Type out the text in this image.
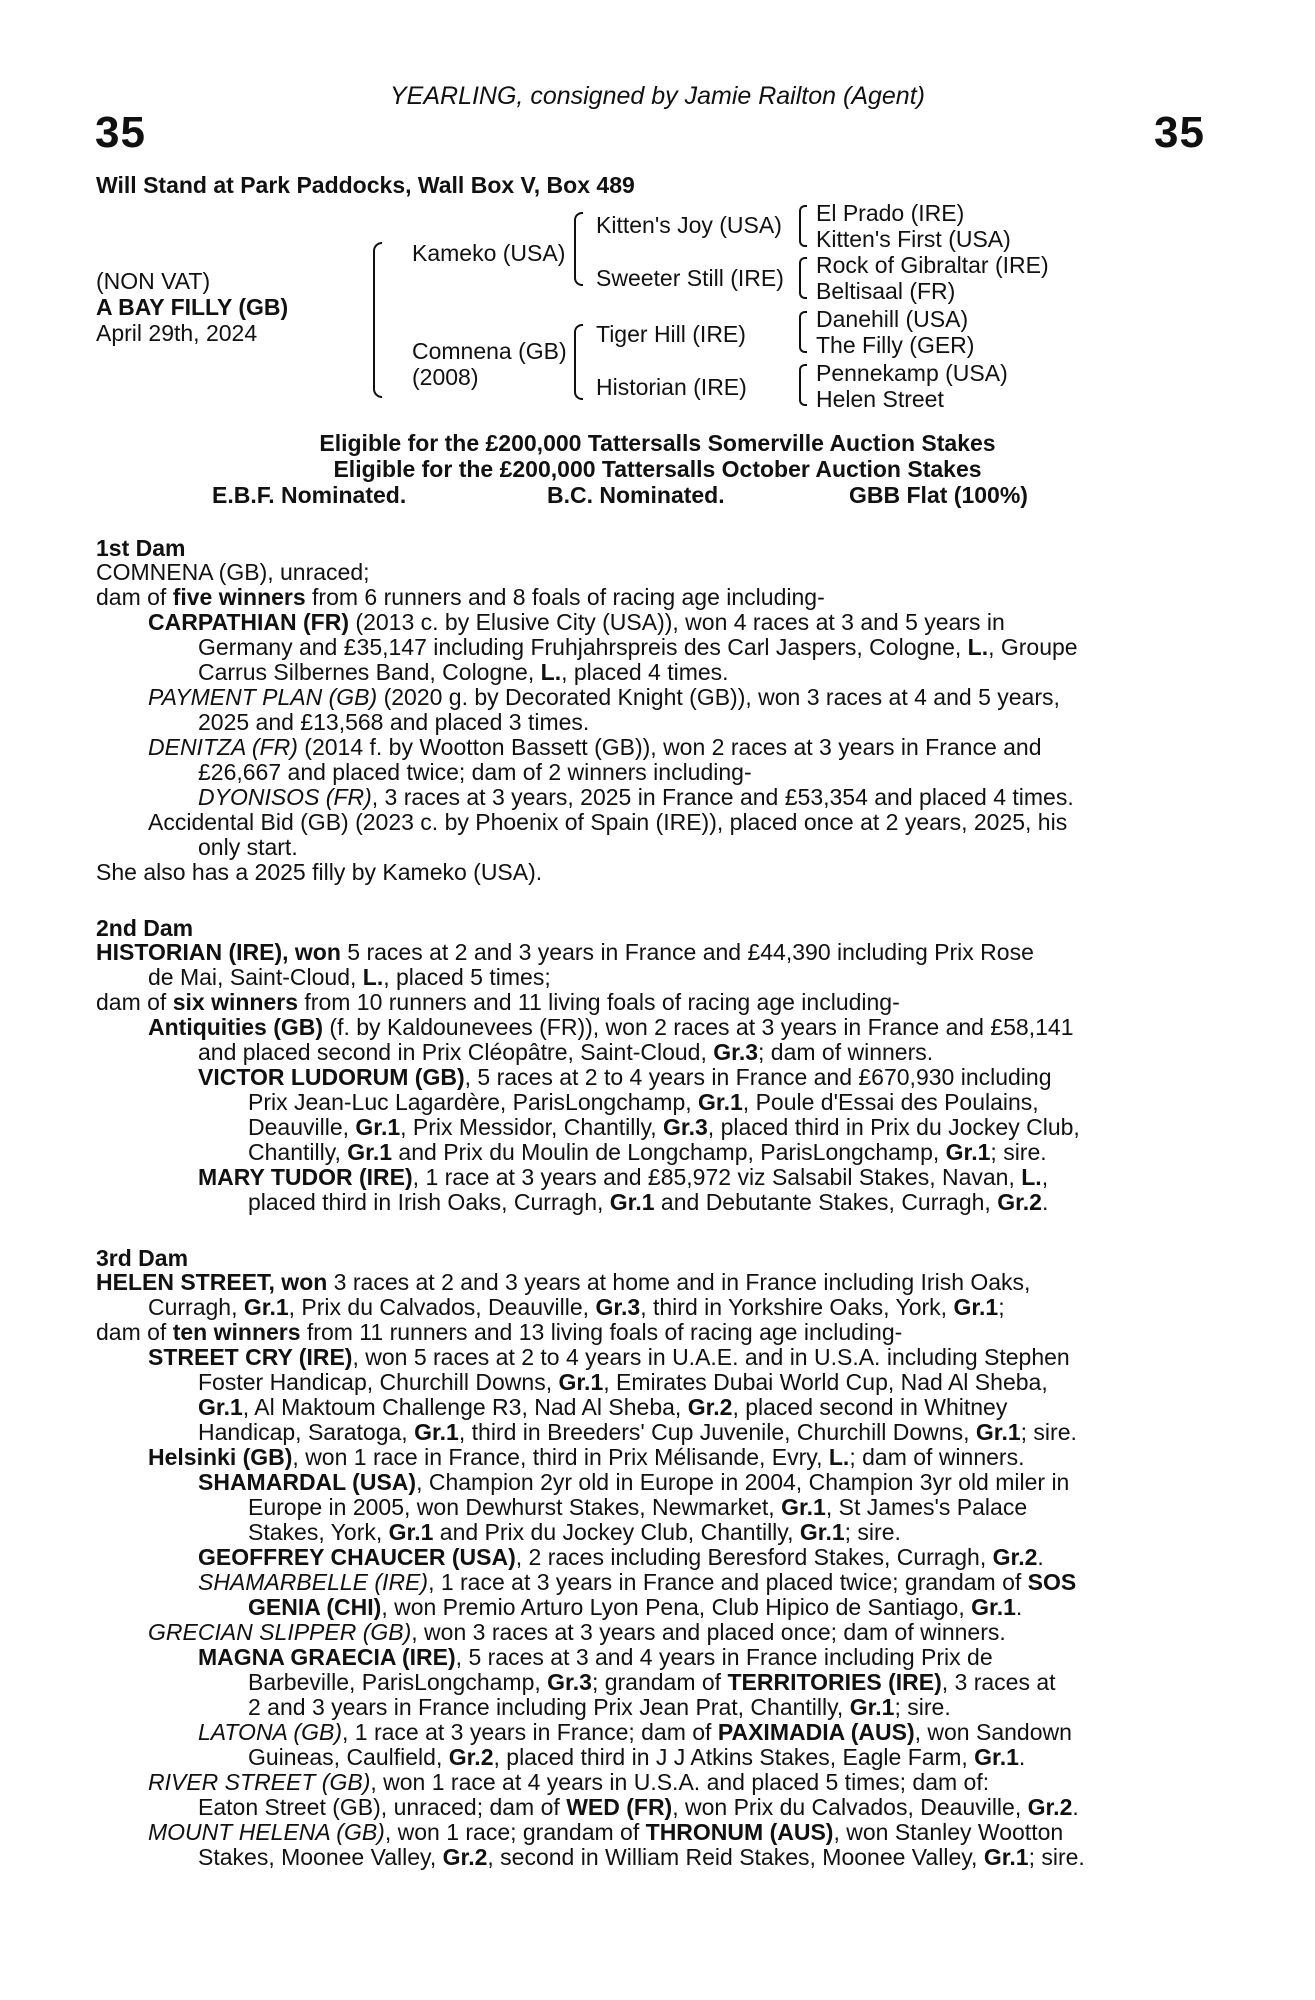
YEARLING, consigned by Jamie Railton (Agent)
35	35
Will Stand at Park Paddocks, Wall Box V, Box 489
(NON VAT)
A BAY FILLY (GB)
April 29th, 2024
Kameko (USA)
Comnena (GB)
(2008)
Kitten's Joy (USA)
Sweeter Still (IRE)
Tiger Hill (IRE)
Historian (IRE)
El Prado (IRE)
Kitten's First (USA)
Rock of Gibraltar (IRE)
Beltisaal (FR)
Danehill (USA)
The Filly (GER)
Pennekamp (USA)
Helen Street
Eligible for the £200,000 Tattersalls Somerville Auction Stakes
Eligible for the £200,000 Tattersalls October Auction Stakes
E.B.F. Nominated.	B.C. Nominated.	GBB Flat (100%)
1st Dam
COMNENA (GB), unraced;
dam of five winners from 6 runners and 8 foals of racing age including-
CARPATHIAN (FR) (2013 c. by Elusive City (USA)), won 4 races at 3 and 5 years in
Germany and £35,147 including Fruhjahrspreis des Carl Jaspers, Cologne, L., Groupe
Carrus Silbernes Band, Cologne, L., placed 4 times.
PAYMENT PLAN (GB) (2020 g. by Decorated Knight (GB)), won 3 races at 4 and 5 years,
2025 and £13,568 and placed 3 times.
DENITZA (FR) (2014 f. by Wootton Bassett (GB)), won 2 races at 3 years in France and
£26,667 and placed twice; dam of 2 winners including-
DYONISOS (FR), 3 races at 3 years, 2025 in France and £53,354 and placed 4 times.
Accidental Bid (GB) (2023 c. by Phoenix of Spain (IRE)), placed once at 2 years, 2025, his
only start.
She also has a 2025 filly by Kameko (USA).
2nd Dam
HISTORIAN (IRE), won 5 races at 2 and 3 years in France and £44,390 including Prix Rose
de Mai, Saint-Cloud, L., placed 5 times;
dam of six winners from 10 runners and 11 living foals of racing age including-
Antiquities (GB) (f. by Kaldounevees (FR)), won 2 races at 3 years in France and £58,141
and placed second in Prix Cléopâtre, Saint-Cloud, Gr.3; dam of winners.
VICTOR LUDORUM (GB), 5 races at 2 to 4 years in France and £670,930 including
Prix Jean-Luc Lagardère, ParisLongchamp, Gr.1, Poule d'Essai des Poulains,
Deauville, Gr.1, Prix Messidor, Chantilly, Gr.3, placed third in Prix du Jockey Club,
Chantilly, Gr.1 and Prix du Moulin de Longchamp, ParisLongchamp, Gr.1; sire.
MARY TUDOR (IRE), 1 race at 3 years and £85,972 viz Salsabil Stakes, Navan, L.,
placed third in Irish Oaks, Curragh, Gr.1 and Debutante Stakes, Curragh, Gr.2.
3rd Dam
HELEN STREET, won 3 races at 2 and 3 years at home and in France including Irish Oaks,
Curragh, Gr.1, Prix du Calvados, Deauville, Gr.3, third in Yorkshire Oaks, York, Gr.1;
dam of ten winners from 11 runners and 13 living foals of racing age including-
STREET CRY (IRE), won 5 races at 2 to 4 years in U.A.E. and in U.S.A. including Stephen
Foster Handicap, Churchill Downs, Gr.1, Emirates Dubai World Cup, Nad Al Sheba,
Gr.1, Al Maktoum Challenge R3, Nad Al Sheba, Gr.2, placed second in Whitney
Handicap, Saratoga, Gr.1, third in Breeders' Cup Juvenile, Churchill Downs, Gr.1; sire.
Helsinki (GB), won 1 race in France, third in Prix Mélisande, Evry, L.; dam of winners.
SHAMARDAL (USA), Champion 2yr old in Europe in 2004, Champion 3yr old miler in
Europe in 2005, won Dewhurst Stakes, Newmarket, Gr.1, St James's Palace
Stakes, York, Gr.1 and Prix du Jockey Club, Chantilly, Gr.1; sire.
GEOFFREY CHAUCER (USA), 2 races including Beresford Stakes, Curragh, Gr.2.
SHAMARBELLE (IRE), 1 race at 3 years in France and placed twice; grandam of SOS
GENIA (CHI), won Premio Arturo Lyon Pena, Club Hipico de Santiago, Gr.1.
GRECIAN SLIPPER (GB), won 3 races at 3 years and placed once; dam of winners.
MAGNA GRAECIA (IRE), 5 races at 3 and 4 years in France including Prix de
Barbeville, ParisLongchamp, Gr.3; grandam of TERRITORIES (IRE), 3 races at
2 and 3 years in France including Prix Jean Prat, Chantilly, Gr.1; sire.
LATONA (GB), 1 race at 3 years in France; dam of PAXIMADIA (AUS), won Sandown
Guineas, Caulfield, Gr.2, placed third in J J Atkins Stakes, Eagle Farm, Gr.1.
RIVER STREET (GB), won 1 race at 4 years in U.S.A. and placed 5 times; dam of:
Eaton Street (GB), unraced; dam of WED (FR), won Prix du Calvados, Deauville, Gr.2.
MOUNT HELENA (GB), won 1 race; grandam of THRONUM (AUS), won Stanley Wootton
Stakes, Moonee Valley, Gr.2, second in William Reid Stakes, Moonee Valley, Gr.1; sire.
